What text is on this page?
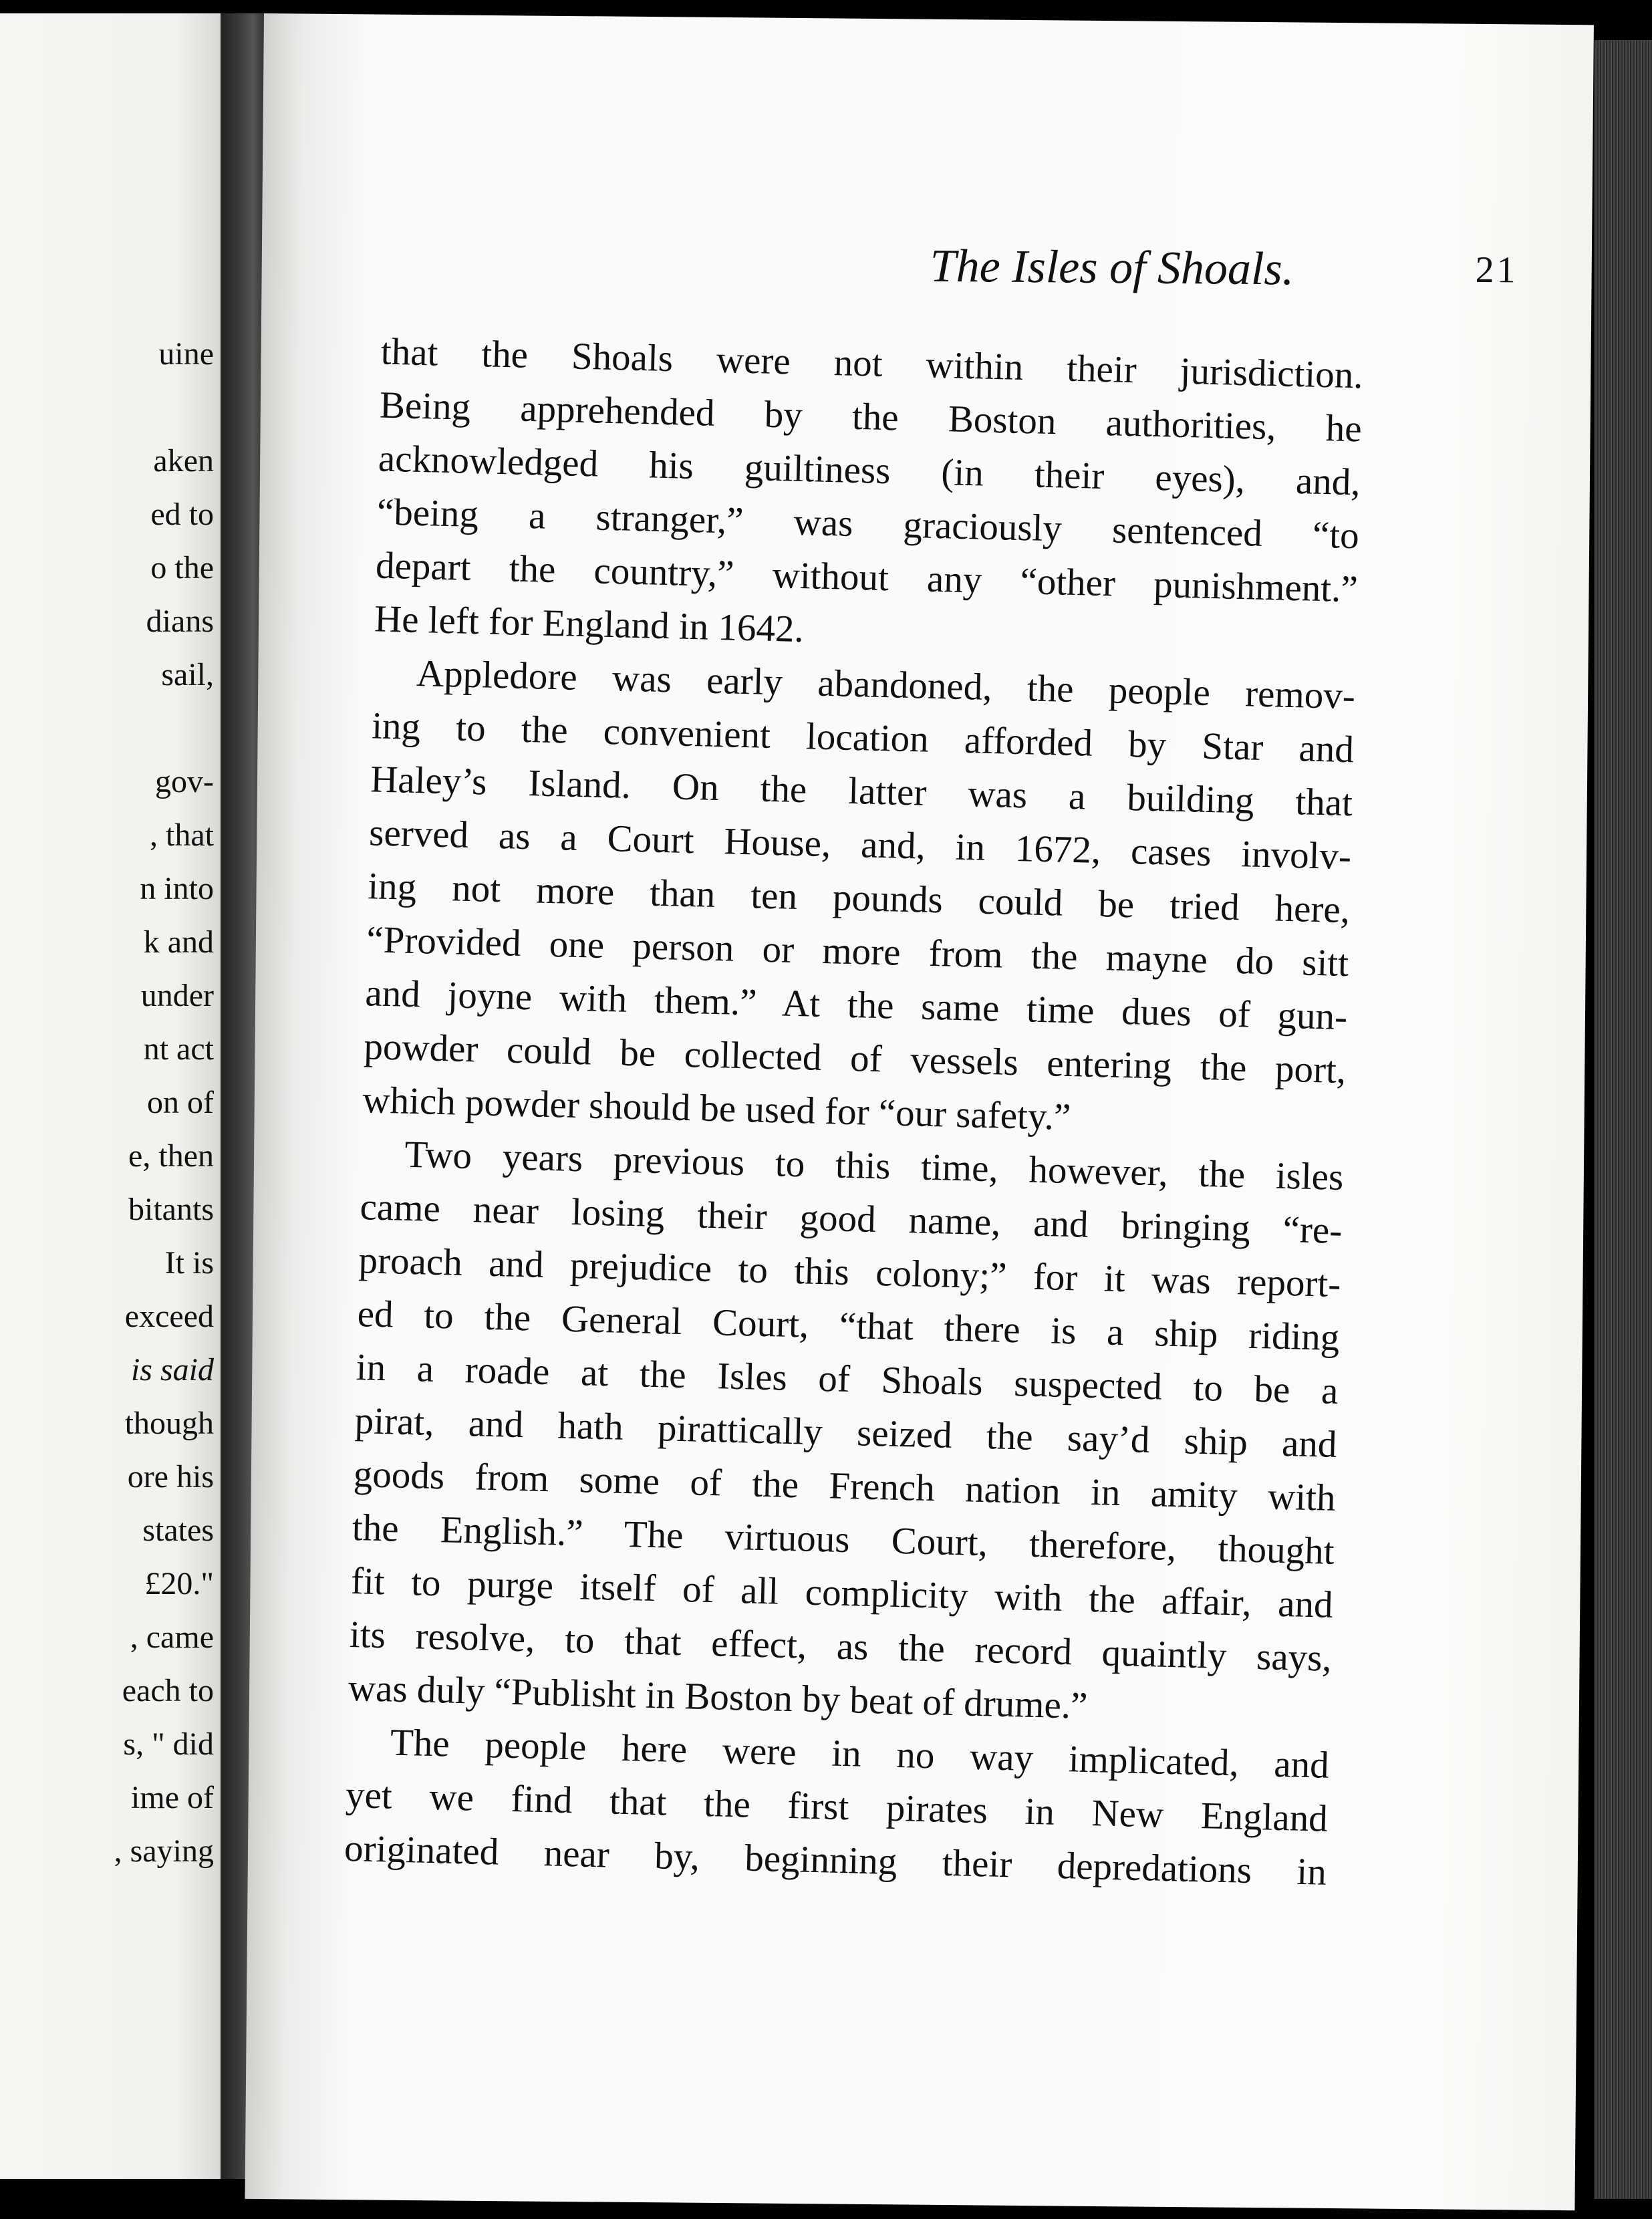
uine
aken
ed to
o the
dians
sail,
gov-
, that
n into
k and
under
nt act
on of
e, then
bitants
It is
exceed
is said
though
ore his
states
£20."
, came
each to
s, " did
ime of
, saying
The Isles of Shoals.	21
that the Shoals were not within their jurisdiction.
Being apprehended by the Boston authorities, he
acknowledged his guiltiness (in their eyes), and,
“being a stranger,” was graciously sentenced “to
depart the country,” without any “other punishment.”
He left for England in 1642.
Appledore was early abandoned, the people remov-
ing to the convenient location afforded by Star and
Haley’s Island. On the latter was a building that
served as a Court House, and, in 1672, cases involv-
ing not more than ten pounds could be tried here,
“Provided one person or more from the mayne do sitt
and joyne with them.” At the same time dues of gun-
powder could be collected of vessels entering the port,
which powder should be used for “our safety.”
Two years previous to this time, however, the isles
came near losing their good name, and bringing “re-
proach and prejudice to this colony;” for it was report-
ed to the General Court, “that there is a ship riding
in a roade at the Isles of Shoals suspected to be a
pirat, and hath pirattically seized the say’d ship and
goods from some of the French nation in amity with
the English.” The virtuous Court, therefore, thought
fit to purge itself of all complicity with the affair, and
its resolve, to that effect, as the record quaintly says,
was duly “Publisht in Boston by beat of drume.”
The people here were in no way implicated, and
yet we find that the first pirates in New England
originated near by, beginning their depredations in
